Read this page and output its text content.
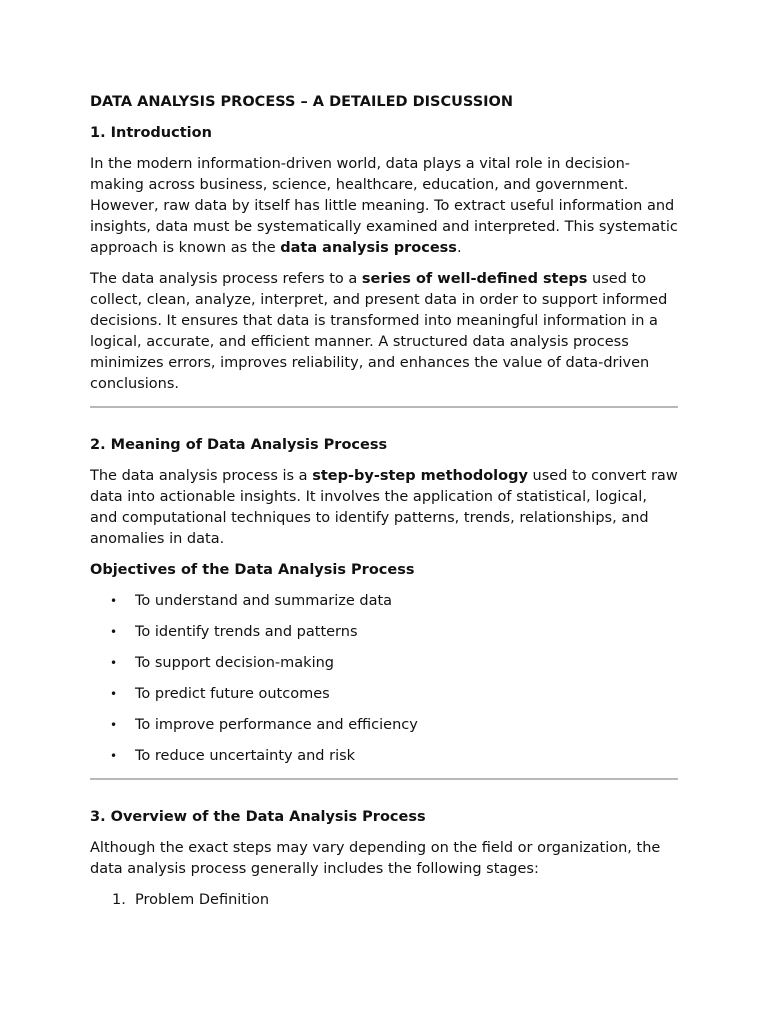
DATA ANALYSIS PROCESS – A DETAILED DISCUSSION
1. Introduction

In the modern information-driven world, data plays a vital role in decision-making across business, science, healthcare, education, and government. However, raw data by itself has little meaning. To extract useful information and insights, data must be systematically examined and interpreted. This systematic approach is known as the data analysis process.

The data analysis process refers to a series of well-defined steps used to collect, clean, analyze, interpret, and present data in order to support informed decisions. It ensures that data is transformed into meaningful information in a logical, accurate, and efficient manner. A structured data analysis process minimizes errors, improves reliability, and enhances the value of data-driven conclusions.

2. Meaning of Data Analysis Process

The data analysis process is a step-by-step methodology used to convert raw data into actionable insights. It involves the application of statistical, logical, and computational techniques to identify patterns, trends, relationships, and anomalies in data.

Objectives of the Data Analysis Process
• To understand and summarize data
• To identify trends and patterns
• To support decision-making
• To predict future outcomes
• To improve performance and efficiency
• To reduce uncertainty and risk
3. Overview of the Data Analysis Process

Although the exact steps may vary depending on the field or organization, the data analysis process generally includes the following stages:

1. Problem Definition
